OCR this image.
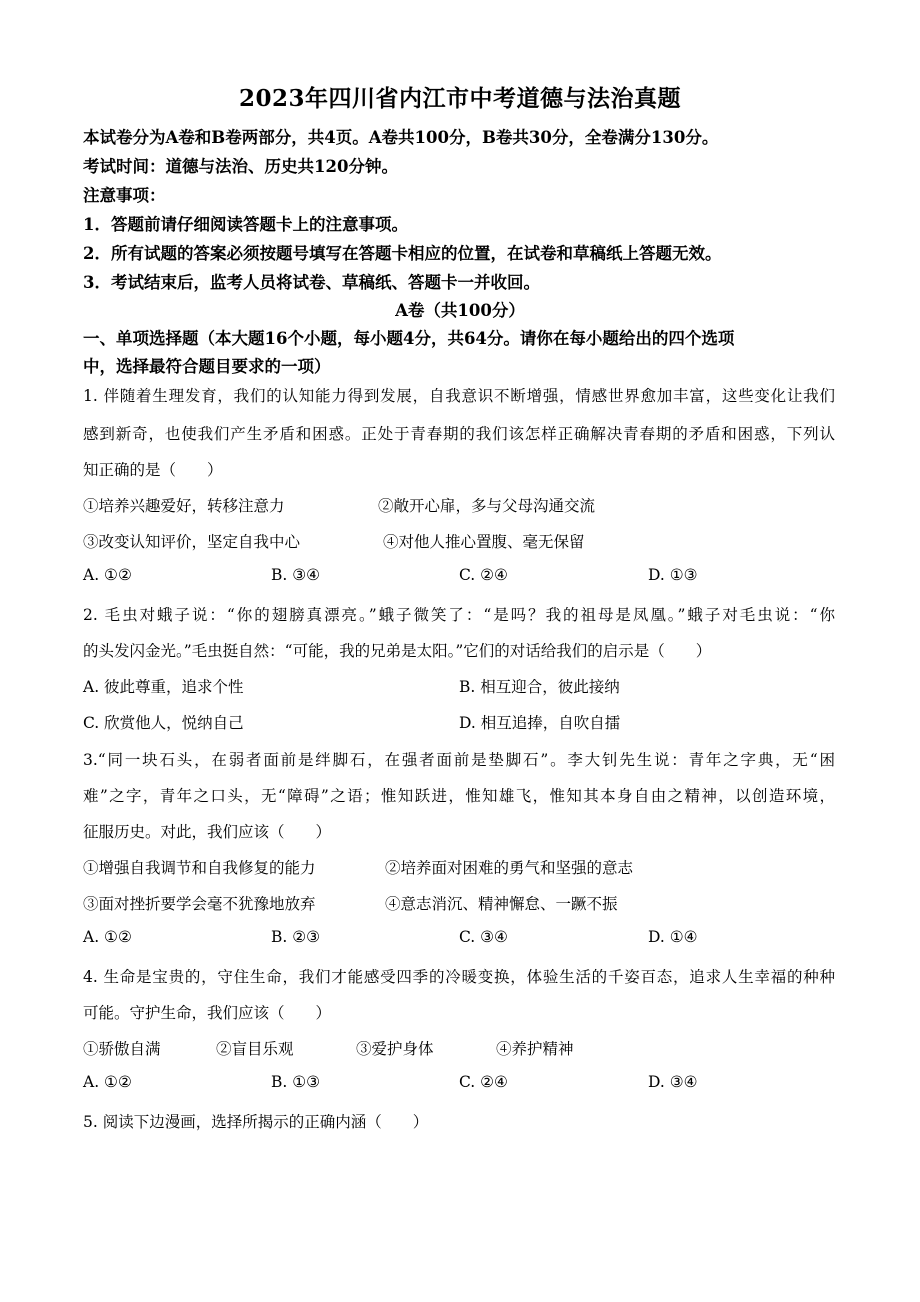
2023年四川省内江市中考道德与法治真题
本试卷分为A卷和B卷两部分，共4页。A卷共100分，B卷共30分，全卷满分130分。
考试时间：道德与法治、历史共120分钟。
注意事项：
1．答题前请仔细阅读答题卡上的注意事项。
2．所有试题的答案必须按题号填写在答题卡相应的位置，在试卷和草稿纸上答题无效。
3．考试结束后，监考人员将试卷、草稿纸、答题卡一并收回。
A卷（共100分）
一、单项选择题（本大题16个小题，每小题4分，共64分。请你在每小题给出的四个选项
中，选择最符合题目要求的一项）
1. 伴随着生理发育，我们的认知能力得到发展，自我意识不断增强，情感世界愈加丰富，这些变化让我们
感到新奇，也使我们产生矛盾和困惑。正处于青春期的我们该怎样正确解决青春期的矛盾和困惑，下列认
知正确的是（　　）
①培养兴趣爱好，转移注意力	②敞开心扉，多与父母沟通交流
③改变认知评价，坚定自我中心	④对他人推心置腹、毫无保留
A. ①②	B. ③④	C. ②④	D. ①③
2. 毛虫对蛾子说：“你的翅膀真漂亮。”蛾子微笑了：“是吗？我的祖母是凤凰。”蛾子对毛虫说：“你
的头发闪金光。”毛虫挺自然：“可能，我的兄弟是太阳。”它们的对话给我们的启示是（　　）
A. 彼此尊重，追求个性	B. 相互迎合，彼此接纳
C. 欣赏他人，悦纳自己	D. 相互追捧，自吹自擂
3.“同一块石头，在弱者面前是绊脚石，在强者面前是垫脚石”。李大钊先生说：青年之字典，无“困
难”之字，青年之口头，无“障碍”之语；惟知跃进，惟知雄飞，惟知其本身自由之精神，以创造环境，
征服历史。对此，我们应该（　　）
①增强自我调节和自我修复的能力	②培养面对困难的勇气和坚强的意志
③面对挫折要学会毫不犹豫地放弃	④意志消沉、精神懈怠、一蹶不振
A. ①②	B. ②③	C. ③④	D. ①④
4. 生命是宝贵的，守住生命，我们才能感受四季的冷暖变换，体验生活的千姿百态，追求人生幸福的种种
可能。守护生命，我们应该（　　）
①骄傲自满	②盲目乐观	③爱护身体	④养护精神
A. ①②	B. ①③	C. ②④	D. ③④
5. 阅读下边漫画，选择所揭示的正确内涵（　　）
